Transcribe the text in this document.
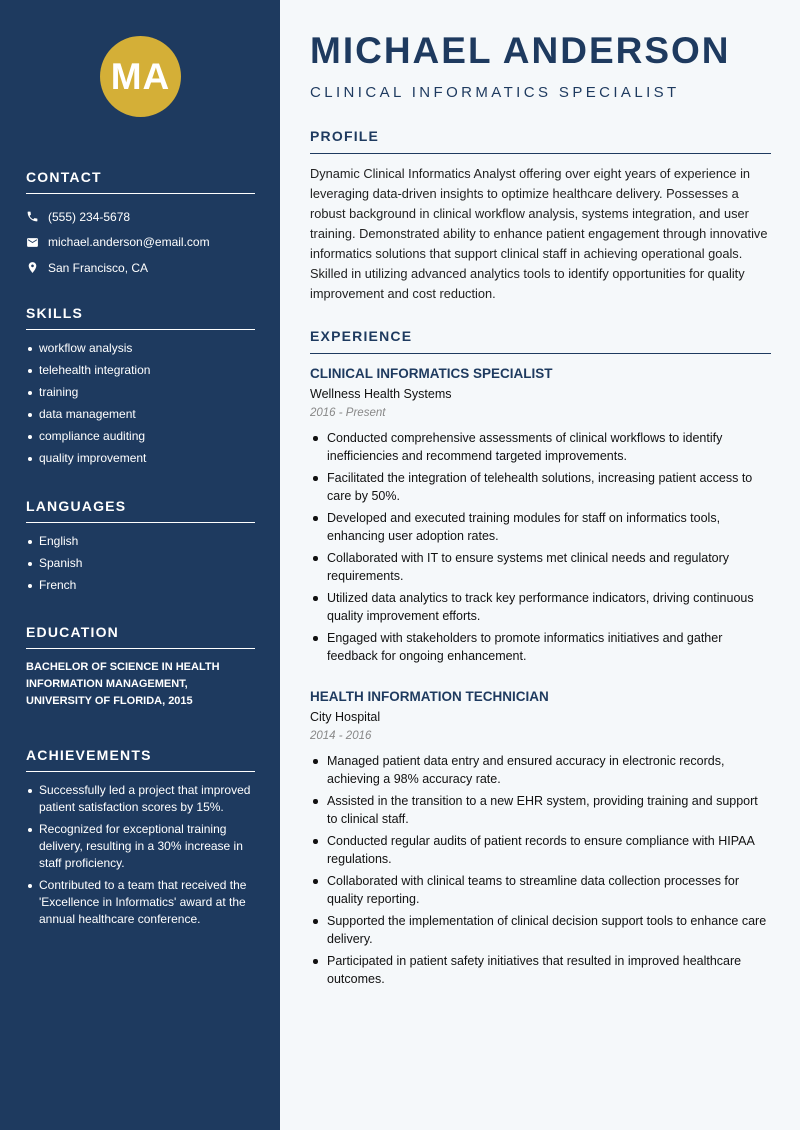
MA
CONTACT
(555) 234-5678
michael.anderson@email.com
San Francisco, CA
SKILLS
workflow analysis
telehealth integration
training
data management
compliance auditing
quality improvement
LANGUAGES
English
Spanish
French
EDUCATION

BACHELOR OF SCIENCE IN HEALTH INFORMATION MANAGEMENT, UNIVERSITY OF FLORIDA, 2015

ACHIEVEMENTS
Successfully led a project that improved patient satisfaction scores by 15%.
Recognized for exceptional training delivery, resulting in a 30% increase in staff proficiency.
Contributed to a team that received the 'Excellence in Informatics' award at the annual healthcare conference.
MICHAEL ANDERSON
CLINICAL INFORMATICS SPECIALIST
PROFILE

Dynamic Clinical Informatics Analyst offering over eight years of experience in leveraging data-driven insights to optimize healthcare delivery. Possesses a robust background in clinical workflow analysis, systems integration, and user training. Demonstrated ability to enhance patient engagement through innovative informatics solutions that support clinical staff in achieving operational goals. Skilled in utilizing advanced analytics tools to identify opportunities for quality improvement and cost reduction.

EXPERIENCE
CLINICAL INFORMATICS SPECIALIST
Wellness Health Systems
2016 - Present
Conducted comprehensive assessments of clinical workflows to identify inefficiencies and recommend targeted improvements.
Facilitated the integration of telehealth solutions, increasing patient access to care by 50%.
Developed and executed training modules for staff on informatics tools, enhancing user adoption rates.
Collaborated with IT to ensure systems met clinical needs and regulatory requirements.
Utilized data analytics to track key performance indicators, driving continuous quality improvement efforts.
Engaged with stakeholders to promote informatics initiatives and gather feedback for ongoing enhancement.
HEALTH INFORMATION TECHNICIAN
City Hospital
2014 - 2016
Managed patient data entry and ensured accuracy in electronic records, achieving a 98% accuracy rate.
Assisted in the transition to a new EHR system, providing training and support to clinical staff.
Conducted regular audits of patient records to ensure compliance with HIPAA regulations.
Collaborated with clinical teams to streamline data collection processes for quality reporting.
Supported the implementation of clinical decision support tools to enhance care delivery.
Participated in patient safety initiatives that resulted in improved healthcare outcomes.
